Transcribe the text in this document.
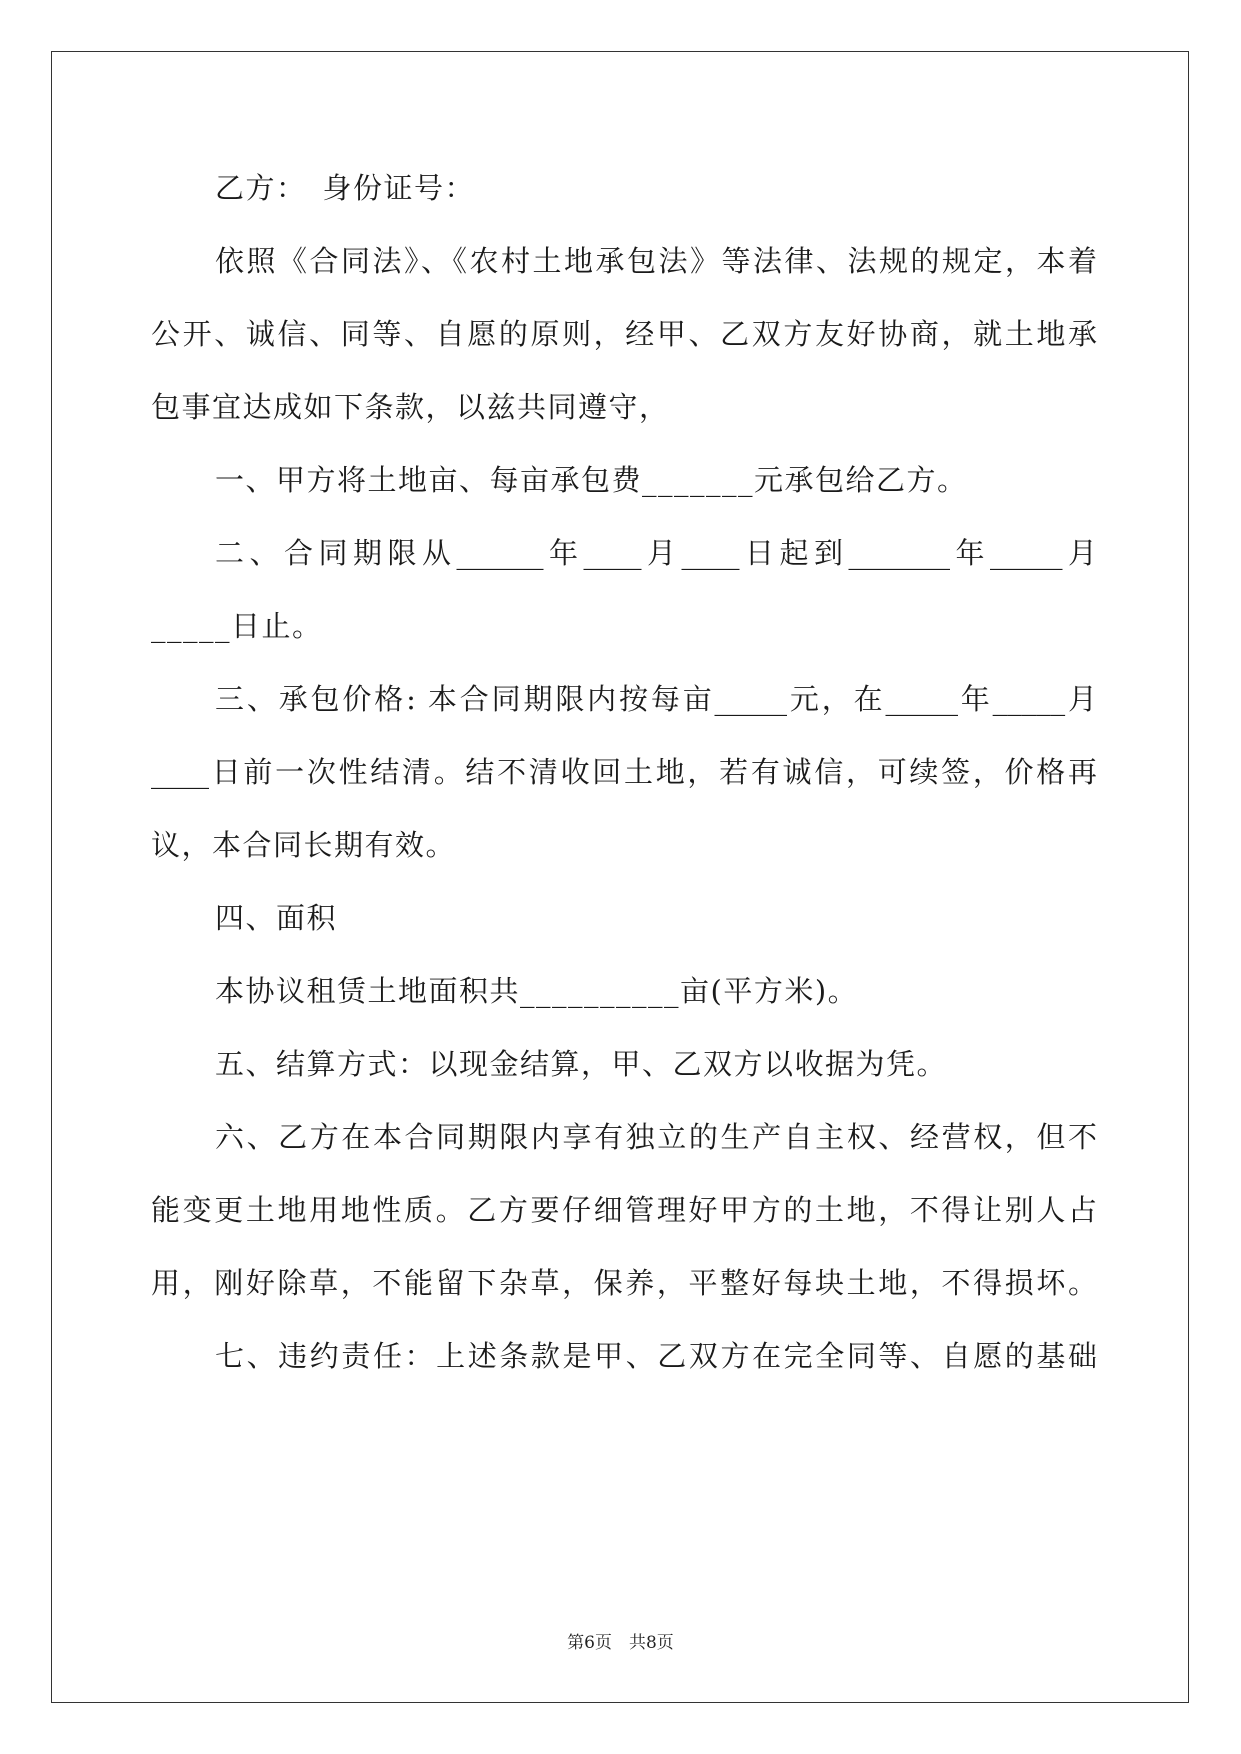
乙方：　身份证号：
依照《合同法》、《农村土地承包法》等法律、法规的规定，本着
公开、诚信、同等、自愿的原则，经甲、乙双方友好协商，就土地承
包事宜达成如下条款，以兹共同遵守，
一、甲方将土地亩、每亩承包费_______元承包给乙方。
二、合同期限从______年____月____日起到_______年_____月
_____日止。
三、承包价格: 本合同期限内按每亩_____元，在_____年_____月
____日前一次性结清。结不清收回土地，若有诚信，可续签，价格再
议，本合同长期有效。
四、面积
本协议租赁土地面积共__________亩(平方米)。
五、结算方式：以现金结算，甲、乙双方以收据为凭。
六、乙方在本合同期限内享有独立的生产自主权、经营权，但不
能变更土地用地性质。乙方要仔细管理好甲方的土地，不得让别人占
用，刚好除草，不能留下杂草，保养，平整好每块土地，不得损坏。
七、违约责任：上述条款是甲、乙双方在完全同等、自愿的基础
第6页　共8页
